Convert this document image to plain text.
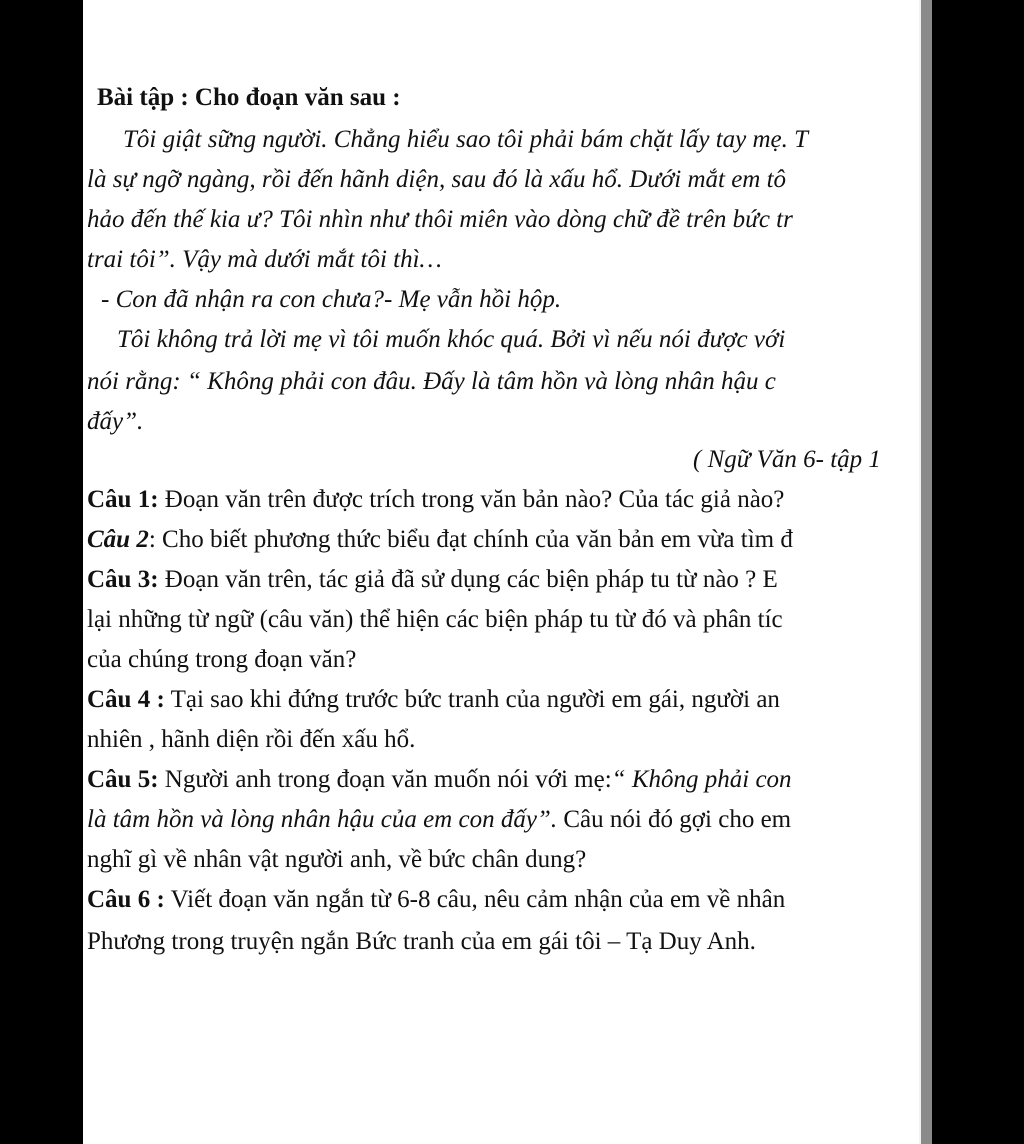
Bài tập : Cho đoạn văn sau :
Tôi giật sững người. Chẳng hiểu sao tôi phải bám chặt lấy tay mẹ. T
là sự ngỡ ngàng, rồi đến hãnh diện, sau đó là xấu hổ. Dưới mắt em tô
hảo đến thế kia ư? Tôi nhìn như thôi miên vào dòng chữ đề trên bức tr
trai tôi”. Vậy mà dưới mắt tôi thì…
- Con đã nhận ra con chưa?- Mẹ vẫn hồi hộp.
Tôi không trả lời mẹ vì tôi muốn khóc quá. Bởi vì nếu nói được với
nói rằng: “ Không phải con đâu. Đấy là tâm hồn và lòng nhân hậu c
đấy”.
( Ngữ Văn 6- tập 1
Câu 1: Đoạn văn trên được trích trong văn bản nào? Của tác giả nào?
Câu 2: Cho biết phương thức biểu đạt chính của văn bản em vừa tìm đ
Câu 3: Đoạn văn trên, tác giả đã sử dụng các biện pháp tu từ nào ? E
lại những từ ngữ (câu văn) thể hiện các biện pháp tu từ đó và phân tíc
của chúng trong đoạn văn?
Câu 4 : Tại sao khi đứng trước bức tranh của người em gái, người an
nhiên , hãnh diện rồi đến xấu hổ.
Câu 5: Người anh trong đoạn văn muốn nói với mẹ:“ Không phải con
là tâm hồn và lòng nhân hậu của em con đấy”. Câu nói đó gợi cho em
nghĩ gì về nhân vật người anh, về bức chân dung?
Câu 6 : Viết đoạn văn ngắn từ 6-8 câu, nêu cảm nhận của em về nhân
Phương trong truyện ngắn Bức tranh của em gái tôi – Tạ Duy Anh.
